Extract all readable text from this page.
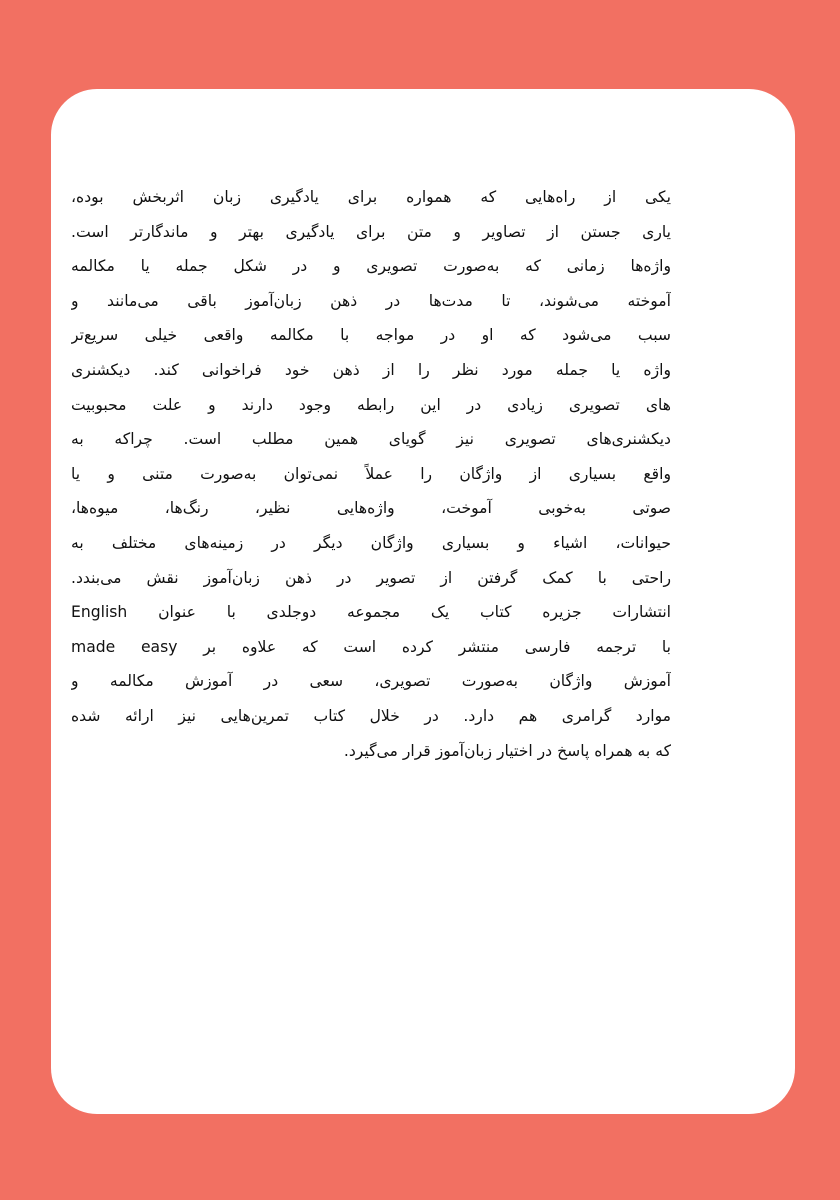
یکی از راه‌هایی که همواره برای یادگیری زبان اثربخش بوده،
یاری جستن از تصاویر و متن برای یادگیری بهتر و ماندگارتر است.
واژه‌ها زمانی که به‌صورت تصویری و در شکل جمله یا مکالمه
آموخته می‌شوند، تا مدت‌ها در ذهن زبان‌آموز باقی می‌مانند و
سبب می‌شود که او در مواجه با مکالمه واقعی خیلی سریع‌تر
واژه یا جمله مورد نظر را از ذهن خود فراخوانی کند. دیکشنری
های تصویری زیادی در این رابطه وجود دارند و علت محبوبیت
دیکشنری‌های تصویری نیز گویای همین مطلب است. چراکه به
واقع بسیاری از واژگان را عملاً نمی‌توان به‌صورت متنی و یا
صوتی به‌خوبی آموخت، واژه‌هایی نظیر، رنگ‌ها، میوه‌ها،
حیوانات، اشیاء و بسیاری واژگان دیگر در زمینه‌های مختلف به
راحتی با کمک گرفتن از تصویر در ذهن زبان‌آموز نقش می‌بندد.
انتشارات جزیره کتاب یک مجموعه دوجلدی با عنوان English
made easy با ترجمه فارسی منتشر کرده است که علاوه بر
آموزش واژگان به‌صورت تصویری، سعی در آموزش مکالمه و
موارد گرامری هم دارد. در خلال کتاب تمرین‌هایی نیز ارائه شده
که به همراه پاسخ در اختیار زبان‌آموز قرار می‌گیرد.
